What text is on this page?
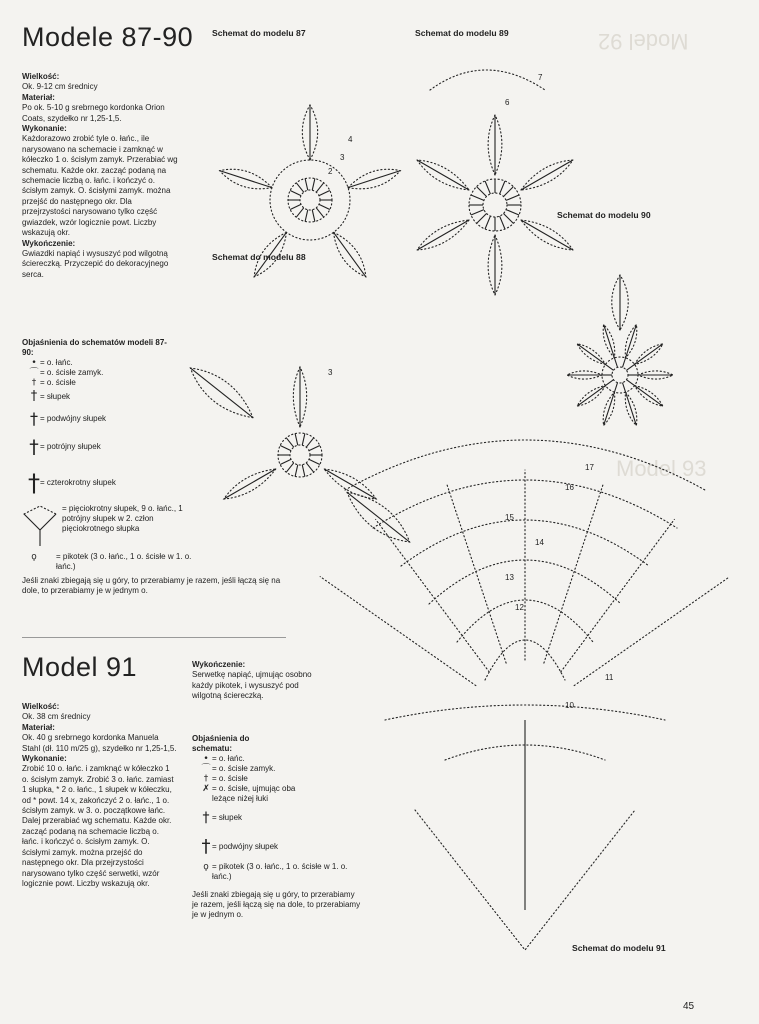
Modele 87-90
Wielkość:
Ok. 9-12 cm średnicy
Materiał:
Po ok. 5-10 g srebrnego kordonka Orion Coats, szydełko nr 1,25-1,5.
Wykonanie:
Każdorazowo zrobić tyle o. łańc., ile narysowano na schemacie i zamknąć w kółeczko 1 o. ścisłym zamyk. Przerabiać wg schematu. Każde okr. zacząć podaną na schemacie liczbą o. łańc. i kończyć o. ścisłym zamyk. O. ścisłymi zamyk. można przejść do następnego okr. Dla przejrzystości narysowano tylko część gwiazdek, wzór logicznie powt. Liczby wskazują okr.
Wykończenie:
Gwiazdki napiąć i wysuszyć pod wilgotną ściereczką. Przyczepić do dekoracyjnego serca.
Objaśnienia do schematów modeli 87-90:
• = o. łańc.
⌒ = o. ścisłe zamyk.
† = o. ścisłe
† = słupek
† = podwójny słupek
† = potrójny słupek
† = czterokrotny słupek
= pięciokrotny słupek, 9 o. łańc., 1 potrójny słupek w 2. człon pięciokrotnego słupka
ϙ	= pikotek (3 o. łańc., 1 o. ścisłe w 1. o. łańc.)
Jeśli znaki zbiegają się u góry, to przerabiamy je razem, jeśli łączą się na dole, to przerabiamy je w jednym o.
Model 91
Wielkość:
Ok. 38 cm średnicy
Materiał:
Ok. 40 g srebrnego kordonka Manuela Stahl (dł. 110 m/25 g), szydełko nr 1,25-1,5.
Wykonanie:
Zrobić 10 o. łańc. i zamknąć w kółeczko 1 o. ścisłym zamyk. Zrobić 3 o. łańc. zamiast 1 słupka, * 2 o. łańc., 1 słupek w kółeczku, od * powt. 14 x, zakończyć 2 o. łańc., 1 o. ścisłym zamyk. w 3. o. początkowe łańc. Dalej przerabiać wg schematu. Każde okr. zacząć podaną na schemacie liczbą o. łańc. i kończyć o. ścisłym zamyk. O. ścisłymi zamyk. można przejść do następnego okr. Dla przejrzystości narysowano tylko część serwetki, wzór logicznie powt. Liczby wskazują okr.
Wykończenie:
Serwetkę napiąć, ujmując osobno każdy pikotek, i wysuszyć pod wilgotną ściereczką.
Objaśnienia do schematu:
• = o. łańc.
⌒ = o. ścisłe zamyk.
† = o. ścisłe
✗ = o. ścisłe, ujmując oba leżące niżej łuki
† = słupek
† = podwójny słupek
ϙ = pikotek (3 o. łańc., 1 o. ścisłe w 1. o. łańc.)
Jeśli znaki zbiegają się u góry, to przerabiamy je razem, jeśli łączą się na dole, to przerabiamy je w jednym o.
Schemat do modelu 87	Schemat do modelu 89
Schemat do modelu 88
Schemat do modelu 90
Schemat do modelu 91
Model 92
Model 93
2
3
4
6
7
3
10
11
12
13
14
15
16
17
45
